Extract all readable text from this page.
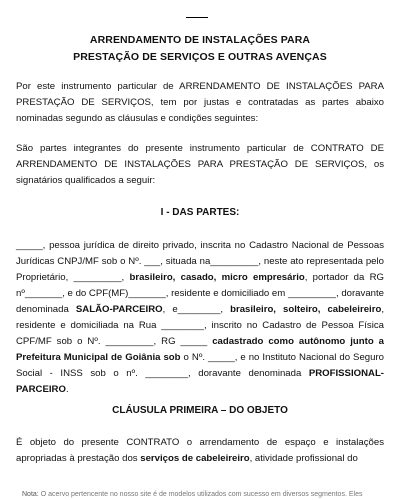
ARRENDAMENTO DE INSTALAÇÕES PARA
PRESTAÇÃO DE SERVIÇOS E OUTRAS AVENÇAS

Por este instrumento particular de ARRENDAMENTO DE INSTALAÇÕES PARA PRESTAÇÃO DE SERVIÇOS, tem por justas e contratadas as partes abaixo nominadas segundo as cláusulas e condições seguintes:

São partes integrantes do presente instrumento particular de CONTRATO DE ARRENDAMENTO DE INSTALAÇÕES PARA PRESTAÇÃO DE SERVIÇOS, os signatários qualificados a seguir:

I - DAS PARTES:

_____, pessoa jurídica de direito privado, inscrita no Cadastro Nacional de Pessoas Jurídicas CNPJ/MF sob o Nº. ___, situada na_________, neste ato representada pelo Proprietário, _________, brasileiro, casado, micro empresário, portador da RG nº_______, e do CPF(MF)_______, residente e domiciliado em _________, doravante denominada SALÃO-PARCEIRO, e________, brasileiro, solteiro, cabeleireiro, residente e domiciliada na Rua ________, inscrito no Cadastro de Pessoa Física CPF/MF sob o Nº. _________, RG _____ cadastrado como autônomo junto a Prefeitura Municipal de Goiânia sob o Nº. _____, e no Instituto Nacional do Seguro Social - INSS sob o nº. ________, doravante denominada PROFISSIONAL-PARCEIRO.

CLÁUSULA PRIMEIRA – DO OBJETO

É objeto do presente CONTRATO o arrendamento de espaço e instalações apropriadas à prestação dos serviços de cabeleireiro, atividade profissional do

Nota: O acervo pertencente no nosso site é de modelos utilizados com sucesso em diversos segmentos. Eles
